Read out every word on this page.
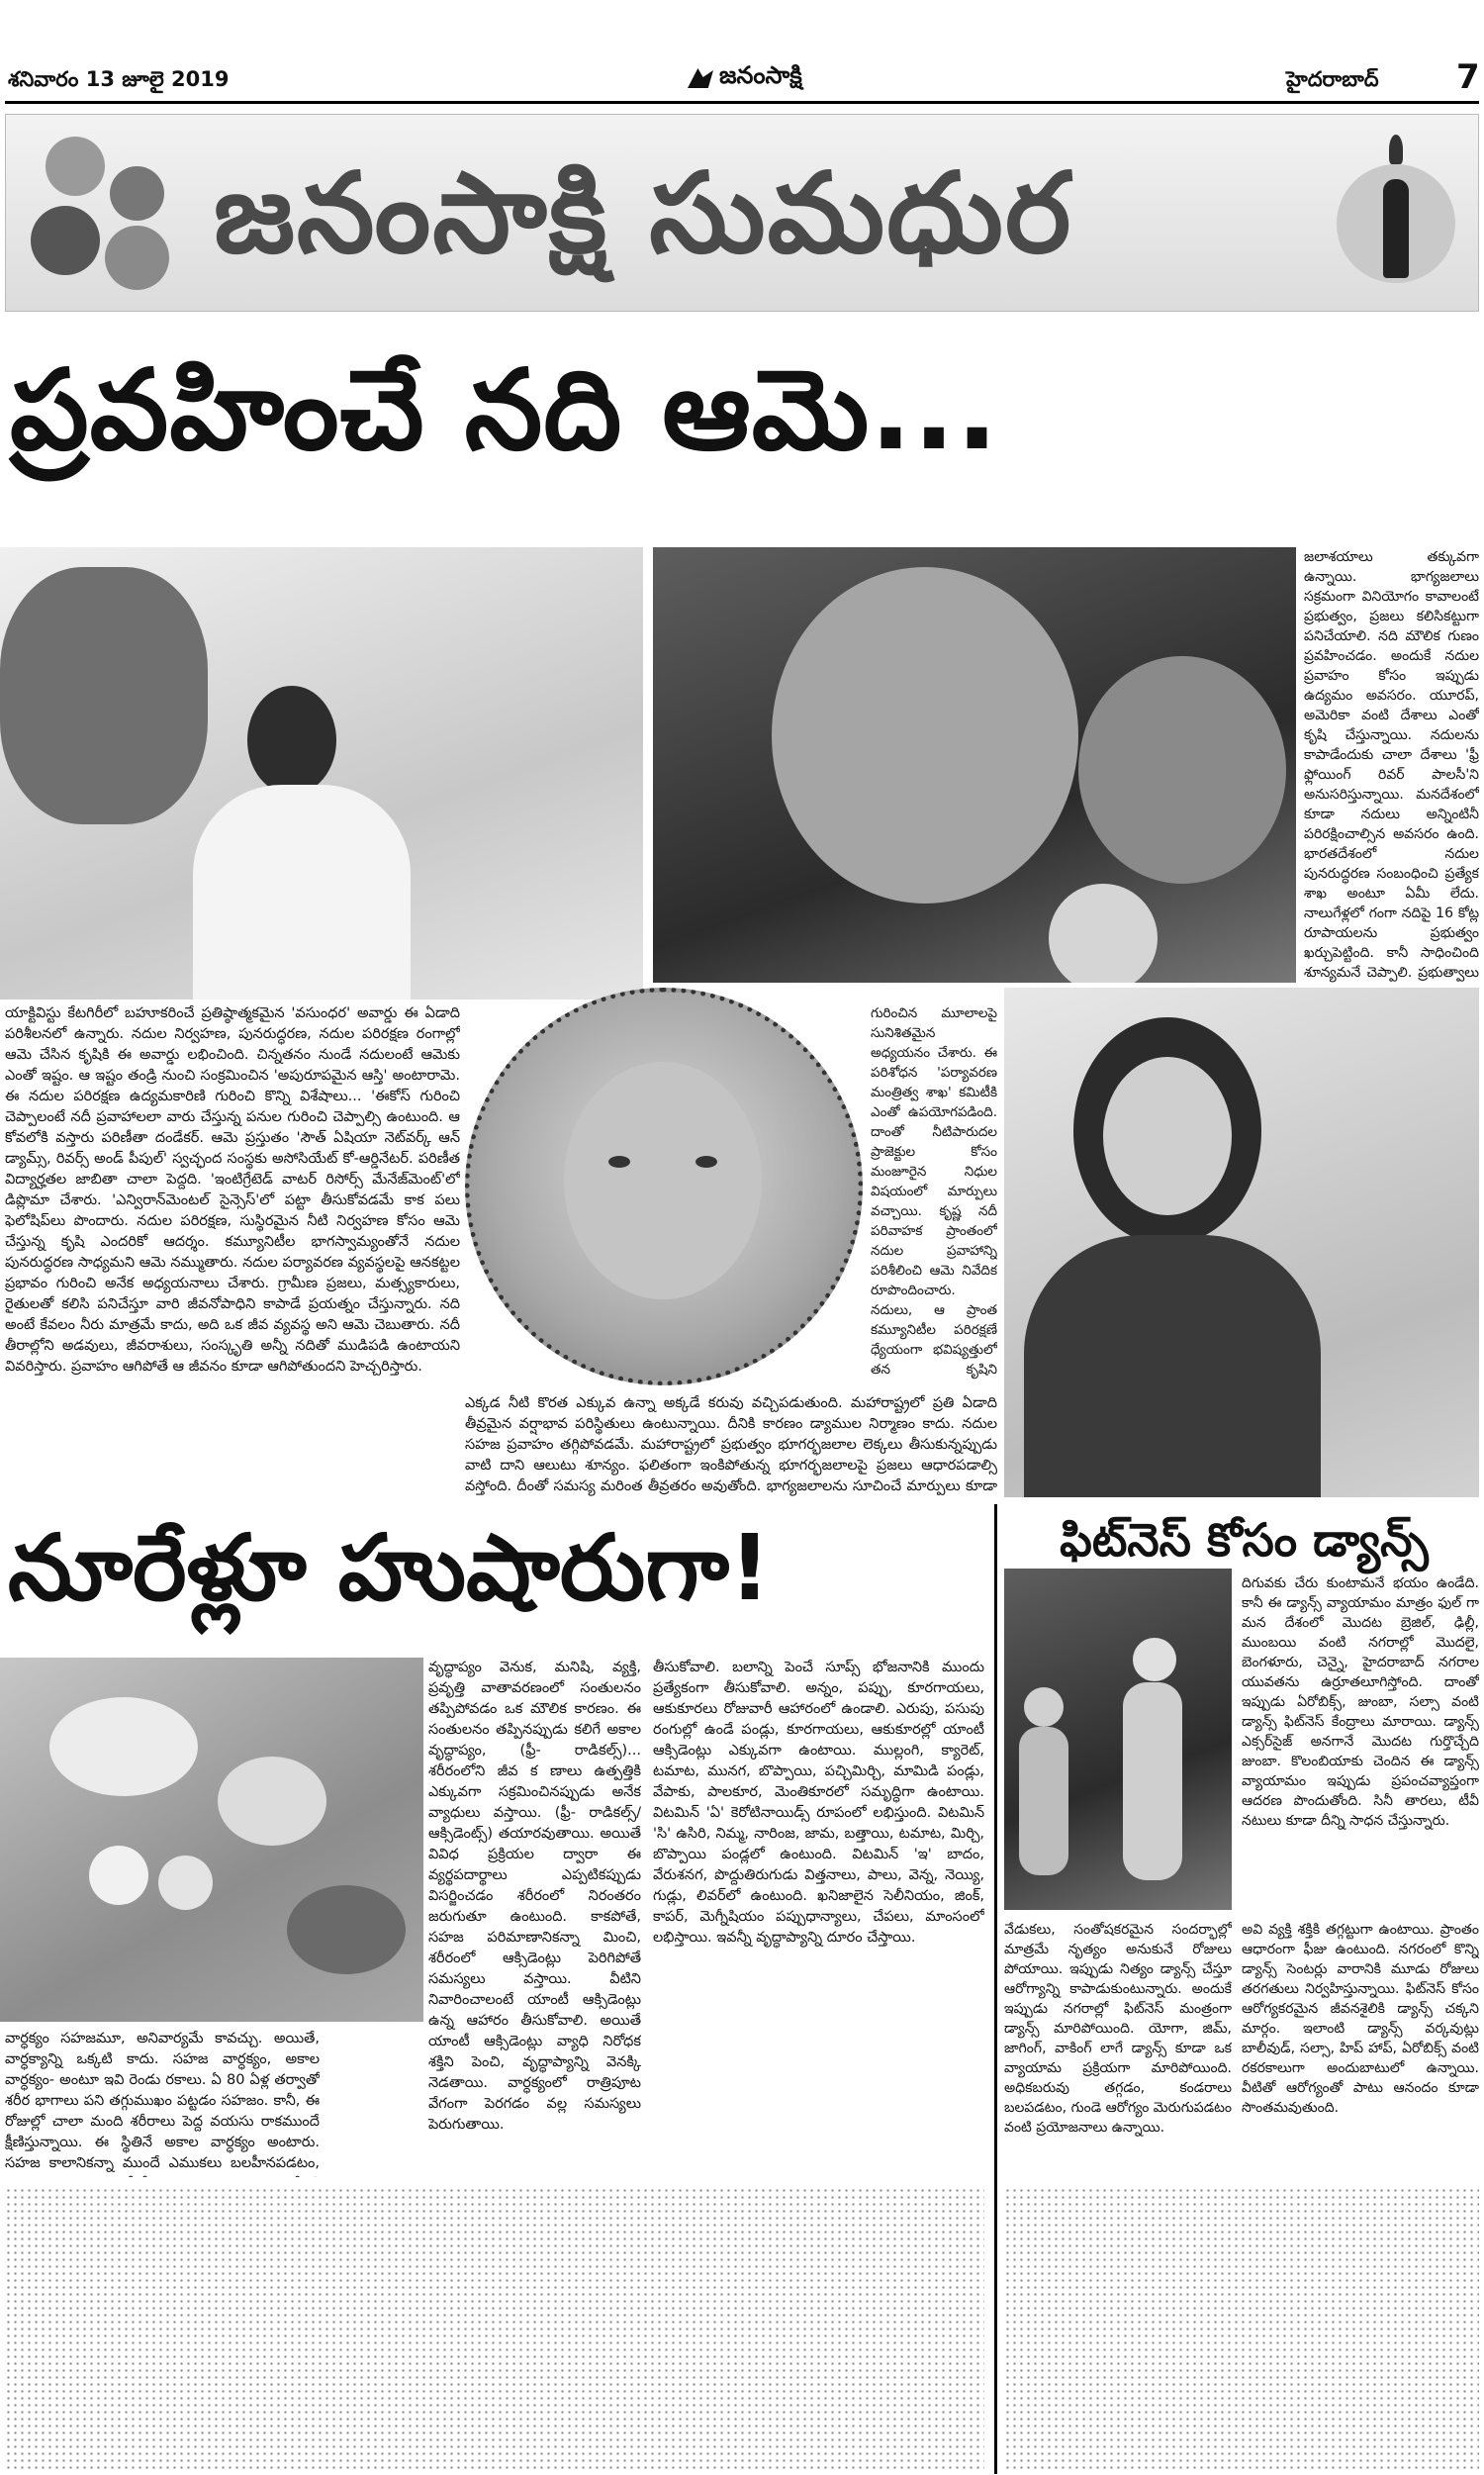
శనివారం 13 జూలై 2019	జనంసాక్షి	హైదరాబాద్ 7
జనంసాక్షి సుమధుర
ప్రవహించే నది ఆమె...
జలాశయాలు తక్కువగా ఉన్నాయి. భాగ్యజలాలు సక్రమంగా వినియోగం కావాలంటే ప్రభుత్వం, ప్రజలు కలిసికట్టుగా పనిచేయాలి. నది మౌలిక గుణం ప్రవహించడం. అందుకే నదుల ప్రవాహం కోసం ఇప్పుడు ఉద్యమం అవసరం. యూరప్, అమెరికా వంటి దేశాలు ఎంతో కృషి చేస్తున్నాయి. నదులను కాపాడేందుకు చాలా దేశాలు 'ఫ్రీ ఫ్లోయింగ్ రివర్ పాలసీ'ని అనుసరిస్తున్నాయి. మనదేశంలో కూడా నదులు అన్నింటినీ పరిరక్షించాల్సిన అవసరం ఉంది. భారతదేశంలో నదుల పునరుద్ధరణ సంబంధించి ప్రత్యేక శాఖ అంటూ ఏమీ లేదు. నాలుగేళ్లలో గంగా నదిపై 16 కోట్ల రూపాయలను ప్రభుత్వం ఖర్చుపెట్టింది. కానీ సాధించింది శూన్యమనే చెప్పాలి. ప్రభుత్వాలు
యాక్టివిస్టు కేటగిరీలో బహూకరించే ప్రతిష్ఠాత్మకమైన 'వసుంధర' అవార్డు ఈ ఏడాది పరిశీలనలో ఉన్నారు. నదుల నిర్వహణ, పునరుద్ధరణ, నదుల పరిరక్షణ రంగాల్లో ఆమె చేసిన కృషికి ఈ అవార్డు లభించింది. చిన్నతనం నుండే నదులంటే ఆమెకు ఎంతో ఇష్టం. ఆ ఇష్టం తండ్రి నుంచి సంక్రమించిన 'అపురూపమైన ఆస్తి' అంటారామె. ఈ నదుల పరిరక్షణ ఉద్యమకారిణి గురించి కొన్ని విశేషాలు... 'ఈకోస్ గురించి చెప్పాలంటే నదీ ప్రవాహాలలా వారు చేస్తున్న పనుల గురించి చెప్పాల్సి ఉంటుంది. ఆ కోవలోకి వస్తారు పరిణీతా దండేకర్. ఆమె ప్రస్తుతం 'సౌత్ ఏషియా నెట్‌వర్క్ ఆన్ డ్యామ్స్, రివర్స్ అండ్ పీపుల్' స్వచ్ఛంద సంస్థకు అసోసియేట్ కో-ఆర్డినేటర్. పరిణీత విద్యార్హతల జాబితా చాలా పెద్దది. 'ఇంటిగ్రేటెడ్ వాటర్ రిసోర్స్ మేనేజ్‌మెంట్'లో డిప్లొమా చేశారు. 'ఎన్విరాన్‌మెంటల్ సైన్సెస్'లో పట్టా తీసుకోవడమే కాక పలు ఫెలోషిప్‌లు పొందారు. నదుల పరిరక్షణ, సుస్థిరమైన నీటి నిర్వహణ కోసం ఆమె చేస్తున్న కృషి ఎందరికో ఆదర్శం. కమ్యూనిటీల భాగస్వామ్యంతోనే నదుల పునరుద్ధరణ సాధ్యమని ఆమె నమ్ముతారు. నదుల పర్యావరణ వ్యవస్థలపై ఆనకట్టల ప్రభావం గురించి అనేక అధ్యయనాలు చేశారు. గ్రామీణ ప్రజలు, మత్స్యకారులు, రైతులతో కలిసి పనిచేస్తూ వారి జీవనోపాధిని కాపాడే ప్రయత్నం చేస్తున్నారు. నది అంటే కేవలం నీరు మాత్రమే కాదు, అది ఒక జీవ వ్యవస్థ అని ఆమె చెబుతారు. నదీ తీరాల్లోని అడవులు, జీవరాశులు, సంస్కృతి అన్నీ నదితో ముడిపడి ఉంటాయని వివరిస్తారు. ప్రవాహం ఆగిపోతే ఆ జీవనం కూడా ఆగిపోతుందని హెచ్చరిస్తారు.
గురించిన మూలాలపై సునిశితమైన అధ్యయనం చేశారు. ఈ పరిశోధన 'పర్యావరణ మంత్రిత్వ శాఖ' కమిటీకి ఎంతో ఉపయోగపడింది. దాంతో నీటిపారుదల ప్రాజెక్టుల కోసం మంజూరైన నిధుల విషయంలో మార్పులు వచ్చాయి. కృష్ణ నదీ పరివాహక ప్రాంతంలో నదుల ప్రవాహాన్ని పరిశీలించి ఆమె నివేదిక రూపొందించారు. నదులు, ఆ ప్రాంత కమ్యూనిటీల పరిరక్షణే ధ్యేయంగా భవిష్యత్తులో తన కృషిని
ఎక్కడ నీటి కొరత ఎక్కువ ఉన్నా అక్కడే కరువు వచ్చిపడుతుంది. మహారాష్ట్రలో ప్రతి ఏడాది తీవ్రమైన వర్షాభావ పరిస్థితులు ఉంటున్నాయి. దీనికి కారణం డ్యాముల నిర్మాణం కాదు. నదుల సహజ ప్రవాహం తగ్గిపోవడమే. మహారాష్ట్రలో ప్రభుత్వం భూగర్భజలాల లెక్కలు తీసుకున్నప్పుడు వాటి దాని ఆలుటు శూన్యం. ఫలితంగా ఇంకిపోతున్న భూగర్భజలాలపై ప్రజలు ఆధారపడాల్సి వస్తోంది. దీంతో సమస్య మరింత తీవ్రతరం అవుతోంది. భాగ్యజలాలను సూచించే మార్పులు కూడా
నూరేళ్లూ హుషారుగా!
వార్ధక్యం సహజమూ, అనివార్యమే కావచ్చు. అయితే, వార్ధక్యాన్ని ఒక్కటి కాదు. సహజ వార్ధక్యం, అకాల వార్ధక్యం- అంటూ ఇవి రెండు రకాలు. ఏ 80 ఏళ్ల తర్వాతో శరీర భాగాలు పని తగ్గుముఖం పట్టడం సహజం. కానీ, ఈ రోజుల్లో చాలా మంది శరీరాలు పెద్ద వయసు రాకముందే క్షీణిస్తున్నాయి. ఈ స్థితినే అకాల వార్ధక్యం అంటారు. సహజ కాలానికన్నా ముందే ఎముకలు బలహీనపడటం,
వృద్ధాప్యం వెనుక, మనిషి, వ్యక్తి, ప్రవృత్తి వాతావరణంలో సంతులనం తప్పిపోవడం ఒక మౌలిక కారణం. ఈ సంతులనం తప్పినప్పుడు కలిగే అకాల వృద్ధాప్యం, (ఫ్రీ- రాడికల్స్)... శరీరంలోని జీవ క ణాలు ఉత్పత్తికి ఎక్కువగా సక్రమించినప్పుడు అనేక వ్యాధులు వస్తాయి. (ఫ్రీ- రాడికల్స్/ ఆక్సిడెంట్స్) తయారవుతాయి. అయితే వివిధ ప్రక్రియల ద్వారా ఈ వ్యర్థపదార్థాలు ఎప్పటికప్పుడు విసర్జించడం శరీరంలో నిరంతరం జరుగుతూ ఉంటుంది. కాకపోతే, సహజ పరిమాణానికన్నా మించి, శరీరంలో ఆక్సిడెంట్లు పెరిగిపోతే సమస్యలు వస్తాయి. వీటిని నివారించాలంటే యాంటీ ఆక్సిడెంట్లు ఉన్న ఆహారం తీసుకోవాలి. అయితే యాంటీ ఆక్సిడెంట్లు వ్యాధి నిరోధక శక్తిని పెంచి, వృద్ధాప్యాన్ని వెనక్కి నెడతాయి. వార్ధక్యంలో రాత్రిపూట వేగంగా పెరగడం వల్ల సమస్యలు పెరుగుతాయి.
తీసుకోవాలి. బలాన్ని పెంచే సూప్స్ భోజనానికి ముందు ప్రత్యేకంగా తీసుకోవాలి. అన్నం, పప్పు, కూరగాయలు, ఆకుకూరలు రోజువారీ ఆహారంలో ఉండాలి. ఎరుపు, పసుపు రంగుల్లో ఉండే పండ్లు, కూరగాయలు, ఆకుకూరల్లో యాంటీ ఆక్సిడెంట్లు ఎక్కువగా ఉంటాయి. ముల్లంగి, క్యారెట్, టమాట, మునగ, బొప్పాయి, పచ్చిమిర్చి, మామిడి పండ్లు, వేపాకు, పాలకూర, మెంతికూరలో సమృద్ధిగా ఉంటాయి. విటమిన్ 'ఏ' కెరోటినాయిడ్స్ రూపంలో లభిస్తుంది. విటమిన్ 'సి' ఉసిరి, నిమ్మ, నారింజ, జామ, బత్తాయి, టమాట, మిర్చి, బొప్పాయి పండ్లలో ఉంటుంది. విటమిన్ 'ఇ' బాదం, వేరుశనగ, పొద్దుతిరుగుడు విత్తనాలు, పాలు, వెన్న, నెయ్యి, గుడ్లు, లివర్‌లో ఉంటుంది. ఖనిజాలైన సెలీనియం, జింక్, కాపర్, మెగ్నీషియం పప్పుధాన్యాలు, చేపలు, మాంసంలో లభిస్తాయి. ఇవన్నీ వృద్ధాప్యాన్ని దూరం చేస్తాయి.
ఫిట్‌నెస్ కోసం డ్యాన్స్
దిగువకు చేరు కుంటామనే భయం ఉండేది. కానీ ఈ డ్యాన్స్ వ్యాయామం మాత్రం ఫుల్ గా మన దేశంలో మొదట బ్రెజిల్, ఢిల్లీ, ముంబయి వంటి నగరాల్లో మొదలై, బెంగళూరు, చెన్నై, హైదరాబాద్ నగరాల యువతను ఉర్రూతలూగిస్తోంది. దాంతో ఇప్పుడు ఏరోబిక్స్, జుంబా, సల్సా వంటి డ్యాన్స్ ఫిట్‌నెస్ కేంద్రాలు మారాయి. డ్యాన్స్ ఎక్సర్‌సైజ్ అనగానే మొదట గుర్తొచ్చేది జుంబా. కొలంబియాకు చెందిన ఈ డ్యాన్స్ వ్యాయామం ఇప్పుడు ప్రపంచవ్యాప్తంగా ఆదరణ పొందుతోంది. సినీ తారలు, టీవీ నటులు కూడా దీన్ని సాధన చేస్తున్నారు.
వేడుకలు, సంతోషకరమైన సందర్భాల్లో మాత్రమే నృత్యం అనుకునే రోజులు పోయాయి. ఇప్పుడు నిత్యం డ్యాన్స్ చేస్తూ ఆరోగ్యాన్ని కాపాడుకుంటున్నారు. అందుకే ఇప్పుడు నగరాల్లో ఫిట్‌నెస్ మంత్రంగా డ్యాన్స్ మారిపోయింది. యోగా, జిమ్, జాగింగ్, వాకింగ్ లాగే డ్యాన్స్ కూడా ఒక వ్యాయామ ప్రక్రియగా మారిపోయింది. అధికబరువు తగ్గడం, కండరాలు బలపడటం, గుండె ఆరోగ్యం మెరుగుపడటం వంటి ప్రయోజనాలు ఉన్నాయి.
అవి వ్యక్తి శక్తికి తగ్గట్టుగా ఉంటాయి. ప్రాంతం ఆధారంగా ఫీజు ఉంటుంది. నగరంలో కొన్ని డ్యాన్స్ సెంటర్లు వారానికి మూడు రోజులు తరగతులు నిర్వహిస్తున్నాయి. ఫిట్‌నెస్ కోసం ఆరోగ్యకరమైన జీవనశైలికి డ్యాన్స్ చక్కని మార్గం. ఇలాంటి డ్యాన్స్ వర్కవుట్లు బాలీవుడ్, సల్సా, హిప్ హాప్, ఏరోబిక్స్ వంటి రకరకాలుగా అందుబాటులో ఉన్నాయి. వీటితో ఆరోగ్యంతో పాటు ఆనందం కూడా సొంతమవుతుంది.
